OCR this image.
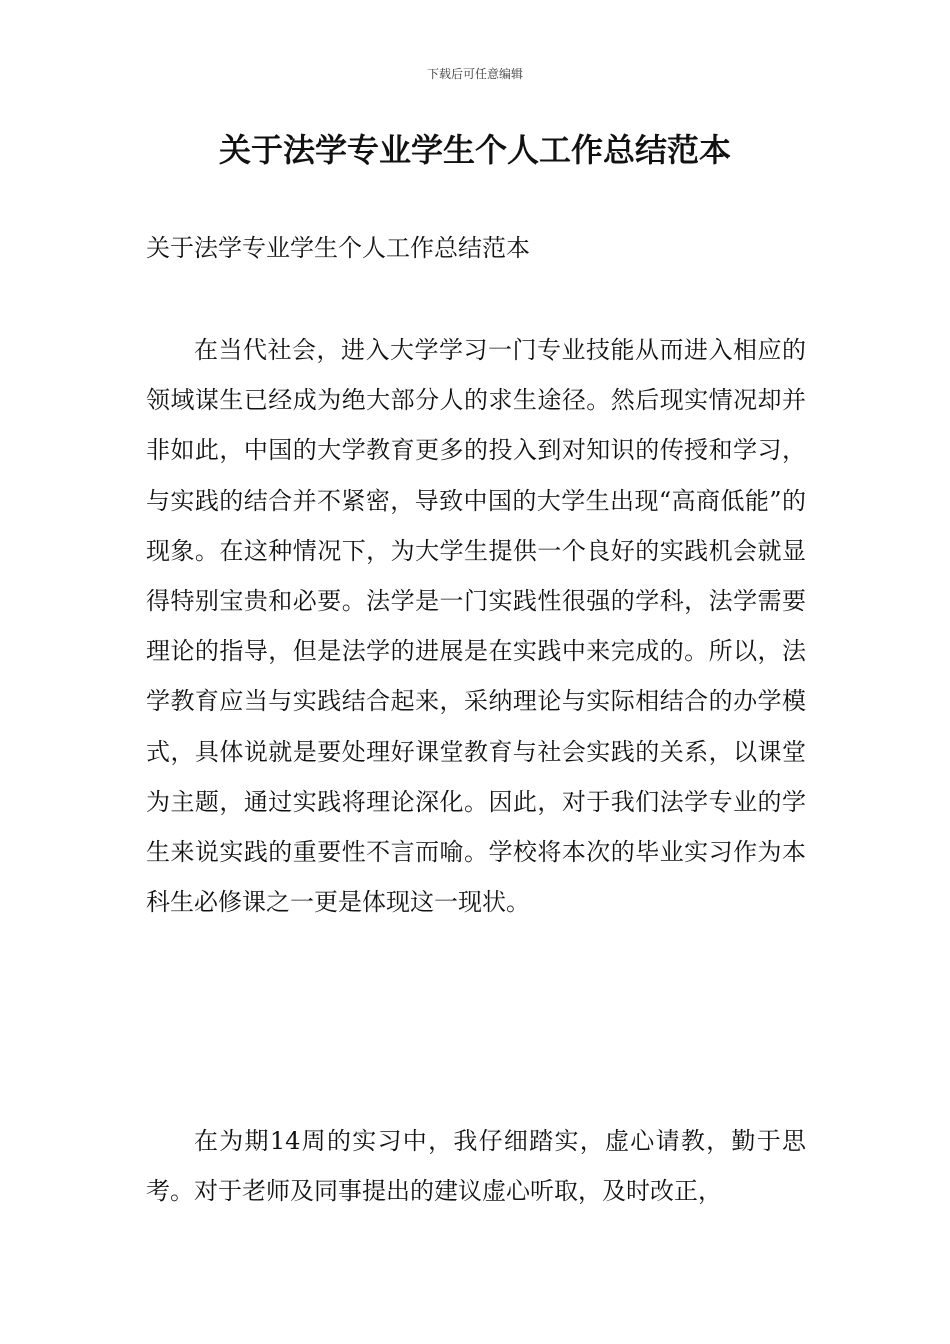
下载后可任意编辑
关于法学专业学生个人工作总结范本

关于法学专业学生个人工作总结范本

在当代社会，进入大学学习一门专业技能从而进入相应的领域谋生已经成为绝大部分人的求生途径。然后现实情况却并非如此，中国的大学教育更多的投入到对知识的传授和学习，与实践的结合并不紧密，导致中国的大学生出现“高商低能”的现象。在这种情况下，为大学生提供一个良好的实践机会就显得特别宝贵和必要。法学是一门实践性很强的学科，法学需要理论的指导，但是法学的进展是在实践中来完成的。所以，法学教育应当与实践结合起来，采纳理论与实际相结合的办学模式，具体说就是要处理好课堂教育与社会实践的关系，以课堂为主题，通过实践将理论深化。因此，对于我们法学专业的学生来说实践的重要性不言而喻。学校将本次的毕业实习作为本科生必修课之一更是体现这一现状。

在为期14周的实习中，我仔细踏实，虚心请教，勤于思考。对于老师及同事提出的建议虚心听取，及时改正，
